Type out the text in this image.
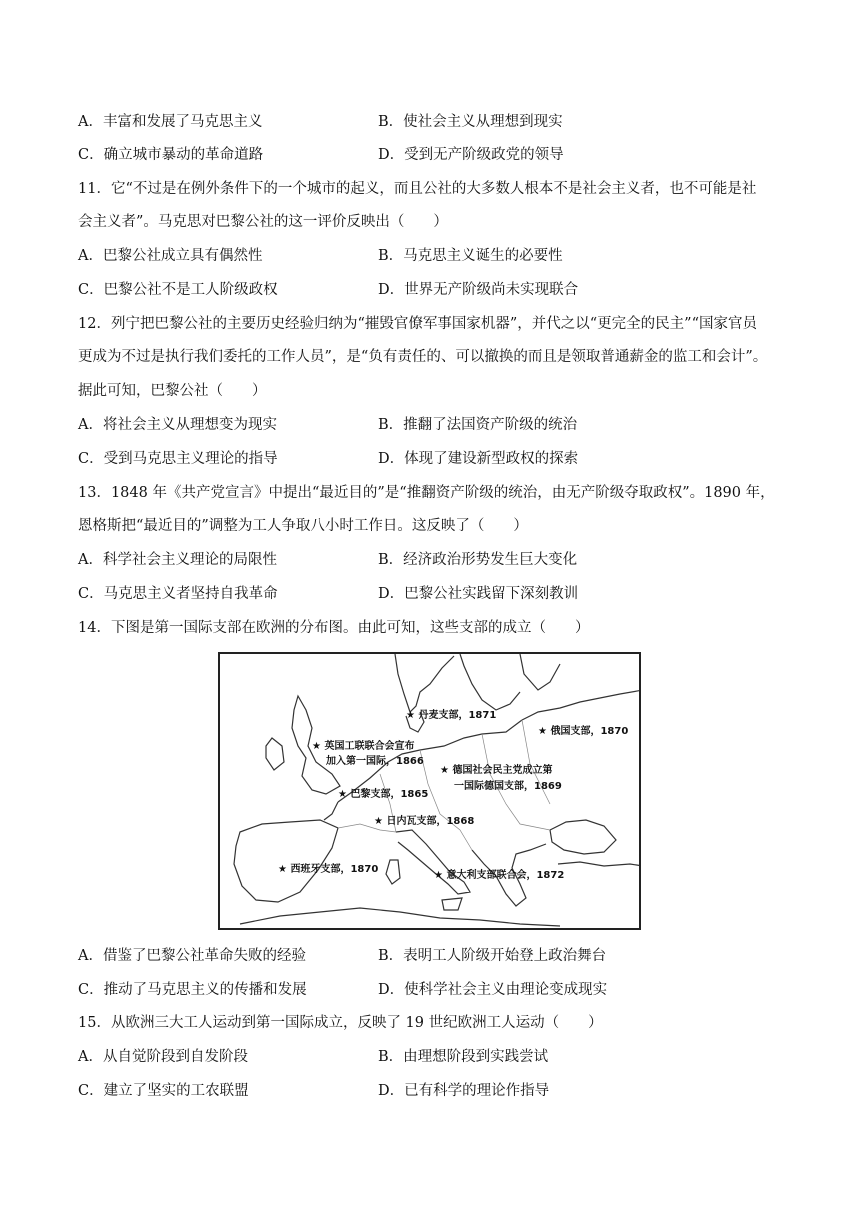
A．丰富和发展了马克思主义	B．使社会主义从理想到现实
C．确立城市暴动的革命道路	D．受到无产阶级政党的领导
11．它“不过是在例外条件下的一个城市的起义，而且公社的大多数人根本不是社会主义者，也不可能是社
会主义者”。马克思对巴黎公社的这一评价反映出（　　）
A．巴黎公社成立具有偶然性	B．马克思主义诞生的必要性
C．巴黎公社不是工人阶级政权	D．世界无产阶级尚未实现联合
12．列宁把巴黎公社的主要历史经验归纳为“摧毁官僚军事国家机器”，并代之以“更完全的民主”“国家官员
更成为不过是执行我们委托的工作人员”，是“负有责任的、可以撤换的而且是领取普通薪金的监工和会计”。
据此可知，巴黎公社（　　）
A．将社会主义从理想变为现实	B．推翻了法国资产阶级的统治
C．受到马克思主义理论的指导	D．体现了建设新型政权的探索
13．1848 年《共产党宣言》中提出“最近目的”是“推翻资产阶级的统治，由无产阶级夺取政权”。1890 年，
恩格斯把“最近目的”调整为工人争取八小时工作日。这反映了（　　）
A．科学社会主义理论的局限性	B．经济政治形势发生巨大变化
C．马克思主义者坚持自我革命	D．巴黎公社实践留下深刻教训
14．下图是第一国际支部在欧洲的分布图。由此可知，这些支部的成立（　　）
★ 丹麦支部，1871
★ 俄国支部，1870
★ 英国工联联合会宣布
加入第一国际，1866
★ 德国社会民主党成立第
一国际德国支部，1869
★ 巴黎支部，1865
★ 日内瓦支部，1868
★ 西班牙支部，1870
★ 意大利支部联合会，1872
A．借鉴了巴黎公社革命失败的经验	B．表明工人阶级开始登上政治舞台
C．推动了马克思主义的传播和发展	D．使科学社会主义由理论变成现实
15．从欧洲三大工人运动到第一国际成立，反映了 19 世纪欧洲工人运动（　　）
A．从自觉阶段到自发阶段	B．由理想阶段到实践尝试
C．建立了坚实的工农联盟	D．已有科学的理论作指导
